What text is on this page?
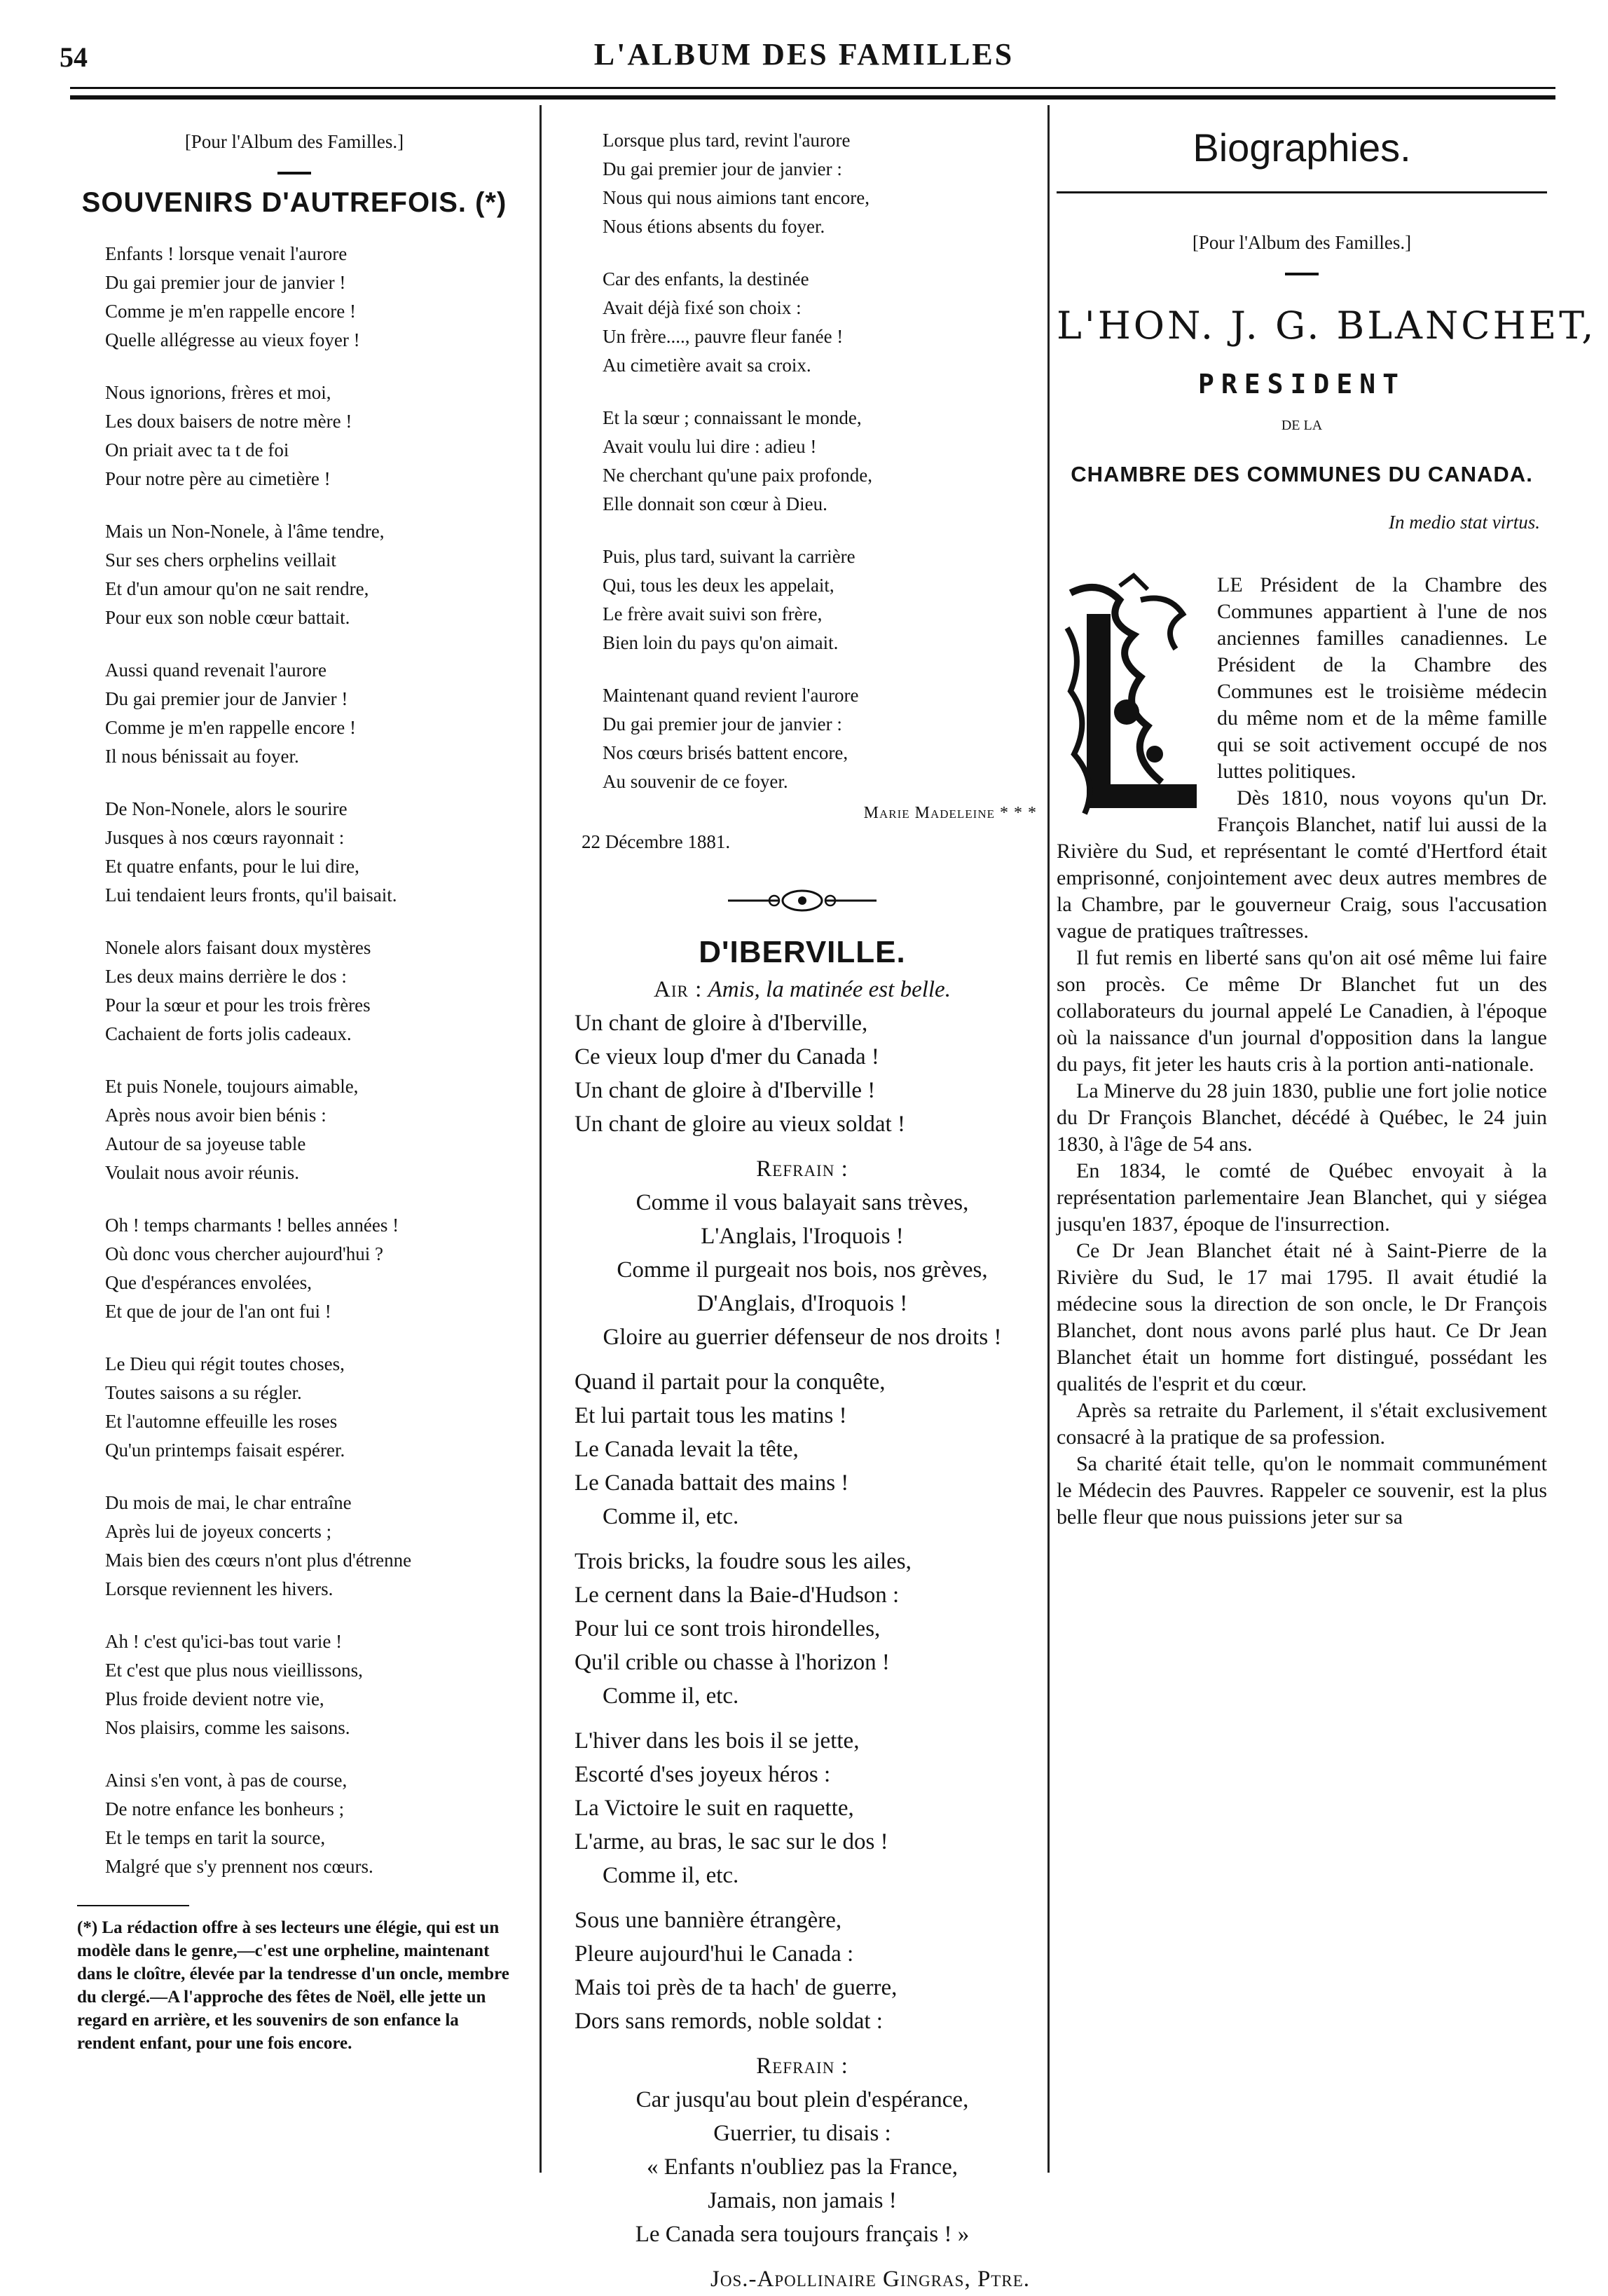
54	L'ALBUM DES FAMILLES
[Pour l'Album des Familles.]
SOUVENIRS D'AUTREFOIS. (*)
Enfants ! lorsque venait l'aurore
Du gai premier jour de janvier !
Comme je m'en rappelle encore !
Quelle allégresse au vieux foyer !
Nous ignorions, frères et moi,
Les doux baisers de notre mère !
On priait avec ta t de foi
Pour notre père au cimetière !
Mais un Non-Nonele, à l'âme tendre,
Sur ses chers orphelins veillait
Et d'un amour qu'on ne sait rendre,
Pour eux son noble cœur battait.
Aussi quand revenait l'aurore
Du gai premier jour de Janvier !
Comme je m'en rappelle encore !
Il nous bénissait au foyer.
De Non-Nonele, alors le sourire
Jusques à nos cœurs rayonnait :
Et quatre enfants, pour le lui dire,
Lui tendaient leurs fronts, qu'il baisait.
Nonele alors faisant doux mystères
Les deux mains derrière le dos :
Pour la sœur et pour les trois frères
Cachaient de forts jolis cadeaux.
Et puis Nonele, toujours aimable,
Après nous avoir bien bénis :
Autour de sa joyeuse table
Voulait nous avoir réunis.
Oh ! temps charmants ! belles années !
Où donc vous chercher aujourd'hui ?
Que d'espérances envolées,
Et que de jour de l'an ont fui !
Le Dieu qui régit toutes choses,
Toutes saisons a su régler.
Et l'automne effeuille les roses
Qu'un printemps faisait espérer.
Du mois de mai, le char entraîne
Après lui de joyeux concerts ;
Mais bien des cœurs n'ont plus d'étrenne
Lorsque reviennent les hivers.
Ah ! c'est qu'ici-bas tout varie !
Et c'est que plus nous vieillissons,
Plus froide devient notre vie,
Nos plaisirs, comme les saisons.
Ainsi s'en vont, à pas de course,
De notre enfance les bonheurs ;
Et le temps en tarit la source,
Malgré que s'y prennent nos cœurs.
(*) La rédaction offre à ses lecteurs une élégie, qui est un modèle dans le genre,—c'est une orpheline, maintenant dans le cloître, élevée par la tendresse d'un oncle, membre du clergé.—A l'approche des fêtes de Noël, elle jette un regard en arrière, et les souvenirs de son enfance la rendent enfant, pour une fois encore.
Lorsque plus tard, revint l'aurore
Du gai premier jour de janvier :
Nous qui nous aimions tant encore,
Nous étions absents du foyer.
Car des enfants, la destinée
Avait déjà fixé son choix :
Un frère...., pauvre fleur fanée !
Au cimetière avait sa croix.
Et la sœur ; connaissant le monde,
Avait voulu lui dire : adieu !
Ne cherchant qu'une paix profonde,
Elle donnait son cœur à Dieu.
Puis, plus tard, suivant la carrière
Qui, tous les deux les appelait,
Le frère avait suivi son frère,
Bien loin du pays qu'on aimait.
Maintenant quand revient l'aurore
Du gai premier jour de janvier :
Nos cœurs brisés battent encore,
Au souvenir de ce foyer.
Marie Madeleine * * *
22 Décembre 1881.
D'IBERVILLE.
Air : Amis, la matinée est belle.
Un chant de gloire à d'Iberville,
Ce vieux loup d'mer du Canada !
Un chant de gloire à d'Iberville !
Un chant de gloire au vieux soldat !
Refrain :
Comme il vous balayait sans trèves,
L'Anglais, l'Iroquois !
Comme il purgeait nos bois, nos grèves,
D'Anglais, d'Iroquois !
Gloire au guerrier défenseur de nos droits !
Quand il partait pour la conquête,
Et lui partait tous les matins !
Le Canada levait la tête,
Le Canada battait des mains !
Comme il, etc.
Trois bricks, la foudre sous les ailes,
Le cernent dans la Baie-d'Hudson :
Pour lui ce sont trois hirondelles,
Qu'il crible ou chasse à l'horizon !
Comme il, etc.
L'hiver dans les bois il se jette,
Escorté d'ses joyeux héros :
La Victoire le suit en raquette,
L'arme, au bras, le sac sur le dos !
Comme il, etc.
Sous une bannière étrangère,
Pleure aujourd'hui le Canada :
Mais toi près de ta hach' de guerre,
Dors sans remords, noble soldat :
Refrain :
Car jusqu'au bout plein d'espérance,
Guerrier, tu disais :
« Enfants n'oubliez pas la France,
Jamais, non jamais !
Le Canada sera toujours français ! »
Jos.-Apollinaire Gingras, Ptre.
Biographies.
[Pour l'Album des Familles.]
L'HON. J. G. BLANCHET,
PRESIDENT
DE LA
CHAMBRE DES COMMUNES DU CANADA.
In medio stat virtus.

LE Président de la Chambre des Communes appartient à l'une de nos anciennes familles canadiennes. Le Président de la Chambre des Communes est le troisième médecin du même nom et de la même famille qui se soit activement occupé de nos luttes politiques.

Dès 1810, nous voyons qu'un Dr. François Blanchet, natif lui aussi de la Rivière du Sud, et représentant le comté d'Hertford était emprisonné, conjointement avec deux autres membres de la Chambre, par le gouverneur Craig, sous l'accusation vague de pratiques traîtresses.

Il fut remis en liberté sans qu'on ait osé même lui faire son procès. Ce même Dr Blanchet fut un des collaborateurs du journal appelé Le Canadien, à l'époque où la naissance d'un journal d'opposition dans la langue du pays, fit jeter les hauts cris à la portion anti-nationale.

La Minerve du 28 juin 1830, publie une fort jolie notice du Dr François Blanchet, décédé à Québec, le 24 juin 1830, à l'âge de 54 ans.

En 1834, le comté de Québec envoyait à la représentation parlementaire Jean Blanchet, qui y siégea jusqu'en 1837, époque de l'insurrection.

Ce Dr Jean Blanchet était né à Saint-Pierre de la Rivière du Sud, le 17 mai 1795. Il avait étudié la médecine sous la direction de son oncle, le Dr François Blanchet, dont nous avons parlé plus haut. Ce Dr Jean Blanchet était un homme fort distingué, possédant les qualités de l'esprit et du cœur.

Après sa retraite du Parlement, il s'était exclusivement consacré à la pratique de sa profession.

Sa charité était telle, qu'on le nommait communément le Médecin des Pauvres. Rappeler ce souvenir, est la plus belle fleur que nous puissions jeter sur sa
